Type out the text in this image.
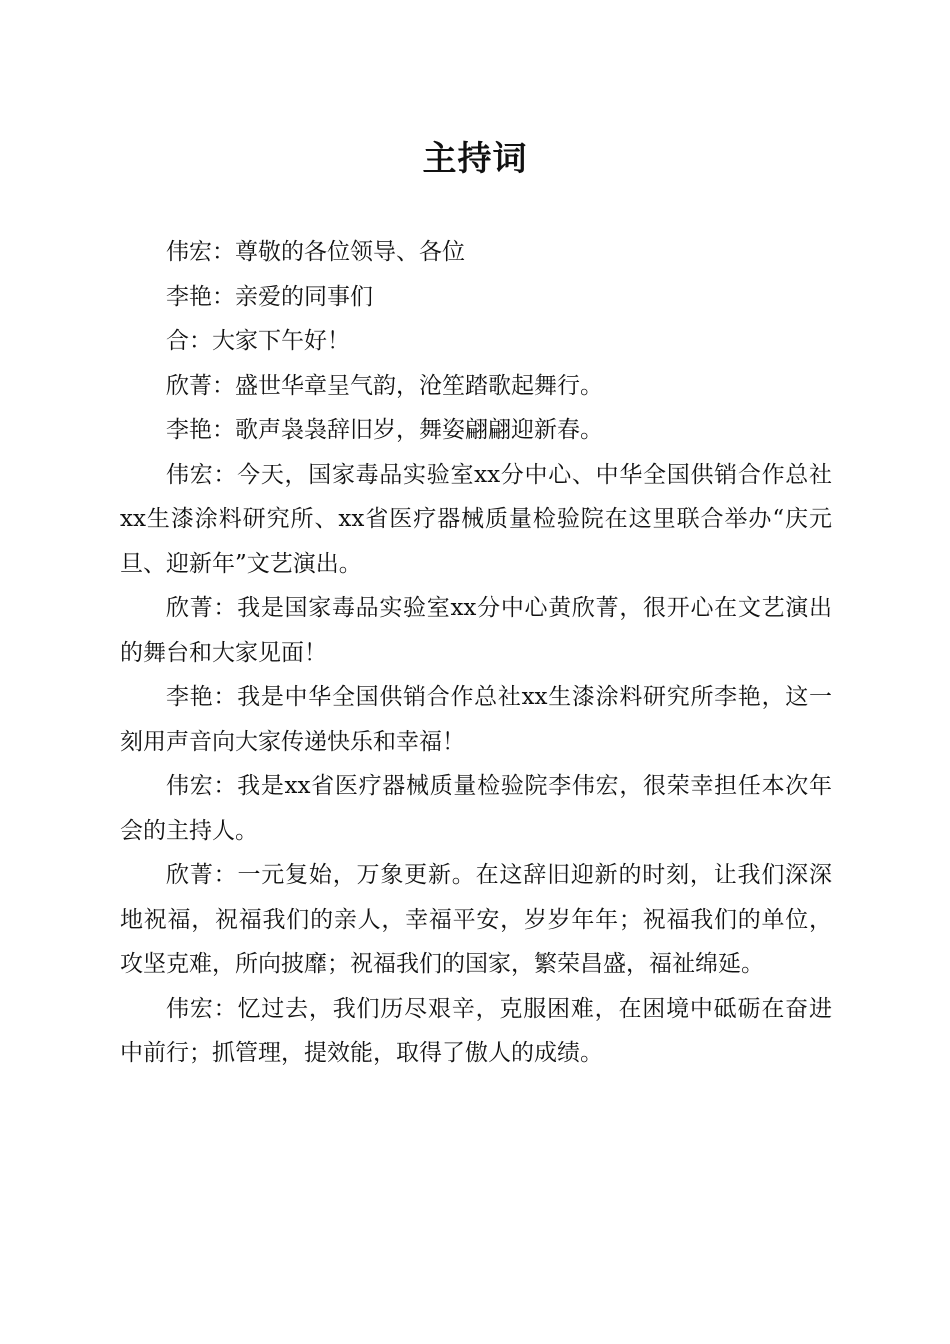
主持词

伟宏：尊敬的各位领导、各位

李艳：亲爱的同事们

合：大家下午好！

欣菁：盛世华章呈气韵，沧笙踏歌起舞行。

李艳：歌声袅袅辞旧岁，舞姿翩翩迎新春。

伟宏：今天，国家毒品实验室xx分中心、中华全国供销合作总社xx生漆涂料研究所、xx省医疗器械质量检验院在这里联合举办“庆元旦、迎新年”文艺演出。

欣菁：我是国家毒品实验室xx分中心黄欣菁，很开心在文艺演出的舞台和大家见面！

李艳：我是中华全国供销合作总社xx生漆涂料研究所李艳，这一刻用声音向大家传递快乐和幸福！

伟宏：我是xx省医疗器械质量检验院李伟宏，很荣幸担任本次年会的主持人。

欣菁：一元复始，万象更新。在这辞旧迎新的时刻，让我们深深地祝福，祝福我们的亲人，幸福平安，岁岁年年；祝福我们的单位，攻坚克难，所向披靡；祝福我们的国家，繁荣昌盛，福祉绵延。

伟宏：忆过去，我们历尽艰辛，克服困难，在困境中砥砺在奋进中前行；抓管理，提效能，取得了傲人的成绩。
